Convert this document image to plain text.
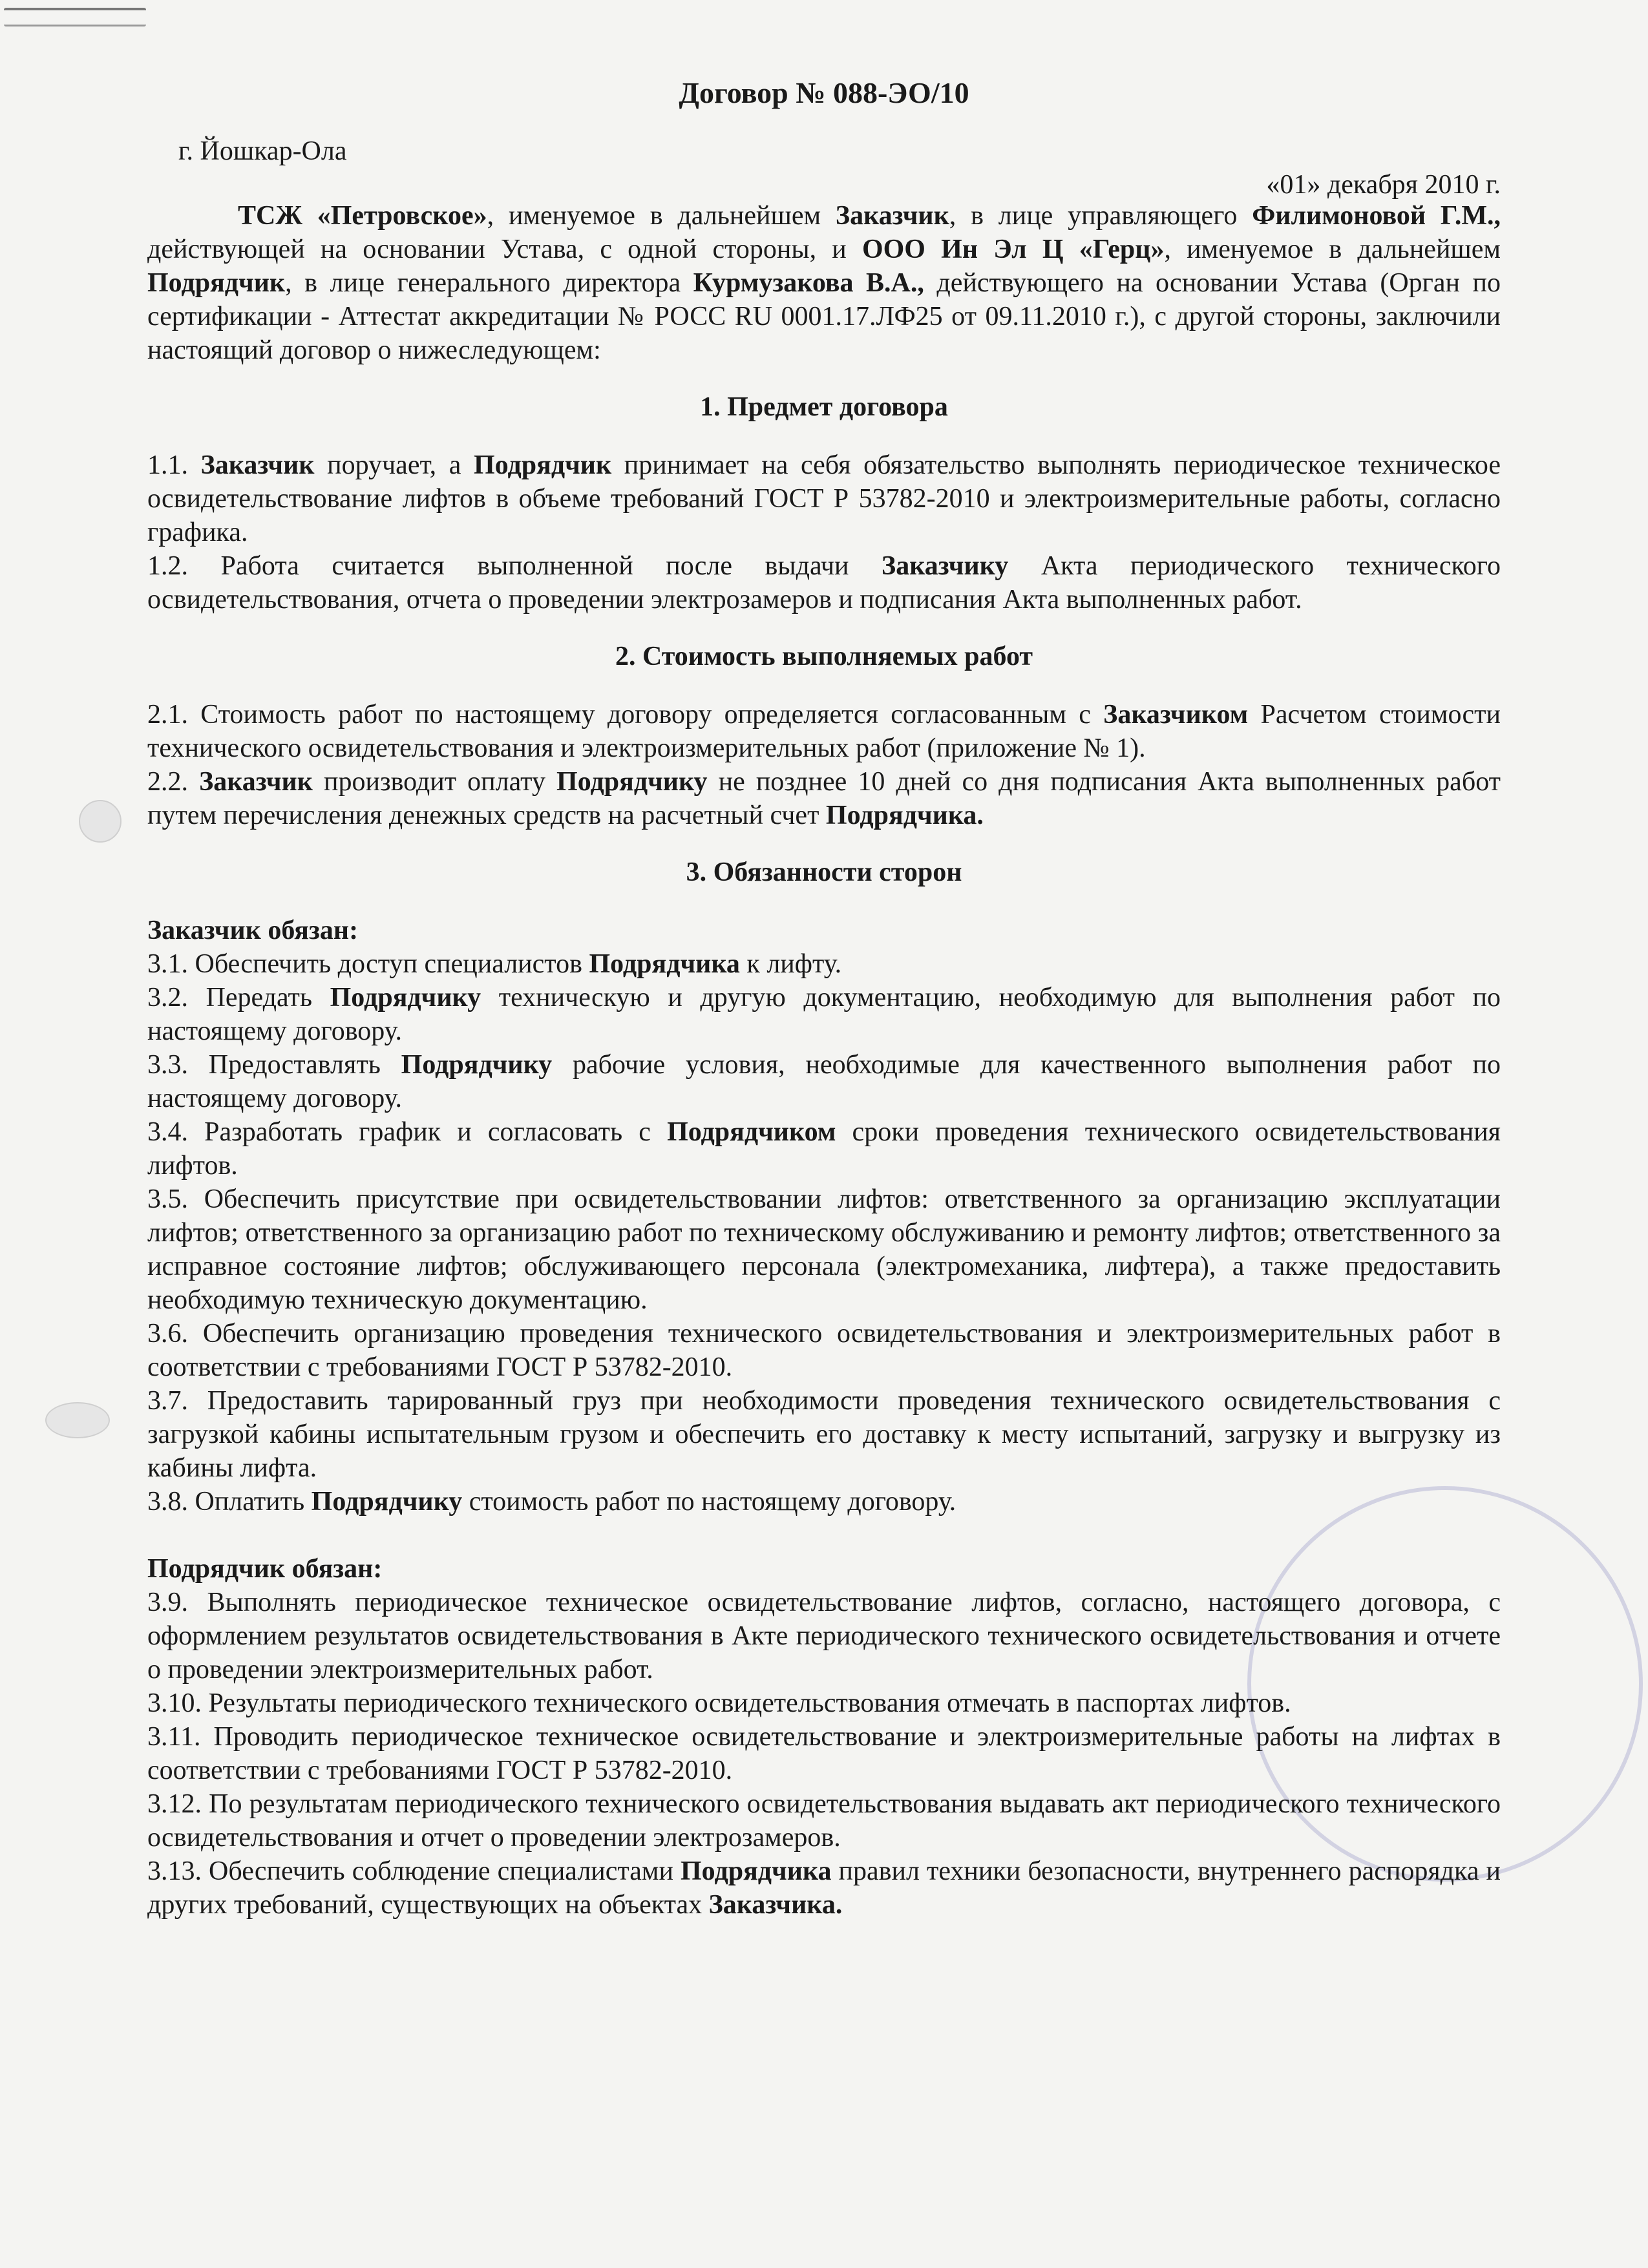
Договор № 088-ЭО/10
г. Йошкар-Ола
«01» декабря 2010 г.

ТСЖ «Петровское», именуемое в дальнейшем Заказчик, в лице управляющего Филимоновой Г.М., действующей на основании Устава, с одной стороны, и ООО Ин Эл Ц «Герц», именуемое в дальнейшем Подрядчик, в лице генерального директора Курмузакова В.А., действующего на основании Устава (Орган по сертификации - Аттестат аккредитации № РОСС RU 0001.17.ЛФ25 от 09.11.2010 г.), с другой стороны, заключили настоящий договор о нижеследующем:

1. Предмет договора

1.1. Заказчик поручает, а Подрядчик принимает на себя обязательство выполнять периодическое техническое освидетельствование лифтов в объеме требований ГОСТ Р 53782-2010 и электроизмерительные работы, согласно графика.

1.2. Работа считается выполненной после выдачи Заказчику Акта периодического технического освидетельствования, отчета о проведении электрозамеров и подписания Акта выполненных работ.

2. Стоимость выполняемых работ

2.1. Стоимость работ по настоящему договору определяется согласованным с Заказчиком Расчетом стоимости технического освидетельствования и электроизмерительных работ (приложение № 1).

2.2. Заказчик производит оплату Подрядчику не позднее 10 дней со дня подписания Акта выполненных работ путем перечисления денежных средств на расчетный счет Подрядчика.

3. Обязанности сторон
Заказчик обязан:

3.1. Обеспечить доступ специалистов Подрядчика к лифту.

3.2. Передать Подрядчику техническую и другую документацию, необходимую для выполнения работ по настоящему договору.

3.3. Предоставлять Подрядчику рабочие условия, необходимые для качественного выполнения работ по настоящему договору.

3.4. Разработать график и согласовать с Подрядчиком сроки проведения технического освидетельствования лифтов.

3.5. Обеспечить присутствие при освидетельствовании лифтов: ответственного за организацию эксплуатации лифтов; ответственного за организацию работ по техническому обслуживанию и ремонту лифтов; ответственного за исправное состояние лифтов; обслуживающего персонала (электромеханика, лифтера), а также предоставить необходимую техническую документацию.

3.6. Обеспечить организацию проведения технического освидетельствования и электроизмерительных работ в соответствии с требованиями ГОСТ Р 53782-2010.

3.7. Предоставить тарированный груз при необходимости проведения технического освидетельствования с загрузкой кабины испытательным грузом и обеспечить его доставку к месту испытаний, загрузку и выгрузку из кабины лифта.

3.8. Оплатить Подрядчику стоимость работ по настоящему договору.

Подрядчик обязан:

3.9. Выполнять периодическое техническое освидетельствование лифтов, согласно, настоящего договора, с оформлением результатов освидетельствования в Акте периодического технического освидетельствования и отчете о проведении электроизмерительных работ.

3.10. Результаты периодического технического освидетельствования отмечать в паспортах лифтов.

3.11. Проводить периодическое техническое освидетельствование и электроизмерительные работы на лифтах в соответствии с требованиями ГОСТ Р 53782-2010.

3.12. По результатам периодического технического освидетельствования выдавать акт периодического технического освидетельствования и отчет о проведении электрозамеров.

3.13. Обеспечить соблюдение специалистами Подрядчика правил техники безопасности, внутреннего распорядка и других требований, существующих на объектах Заказчика.
